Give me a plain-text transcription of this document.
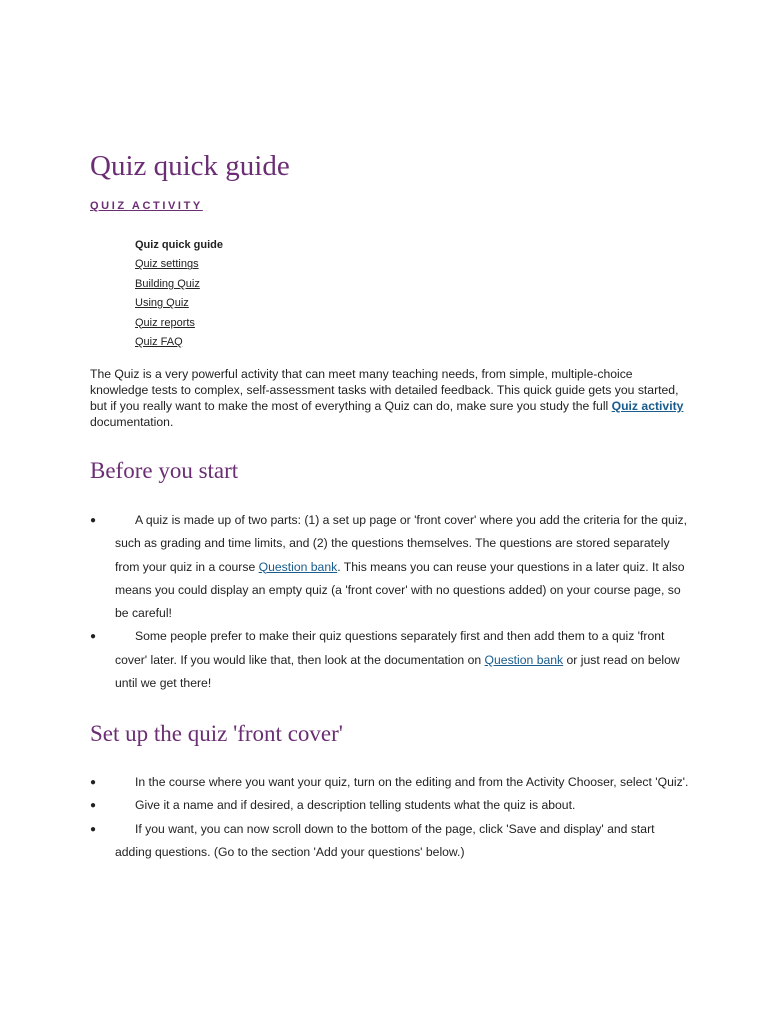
Quiz quick guide
QUIZ ACTIVITY
Quiz quick guide
Quiz settings
Building Quiz
Using Quiz
Quiz reports
Quiz FAQ

The Quiz is a very powerful activity that can meet many teaching needs, from simple, multiple-choice knowledge tests to complex, self-assessment tasks with detailed feedback. This quick guide gets you started, but if you really want to make the most of everything a Quiz can do, make sure you study the full Quiz activity documentation.

Before you start
●	A quiz is made up of two parts: (1) a set up page or 'front cover' where you add the criteria for the quiz, such as grading and time limits, and (2) the questions themselves. The questions are stored separately from your quiz in a course Question bank. This means you can reuse your questions in a later quiz. It also means you could display an empty quiz (a 'front cover' with no questions added) on your course page, so be careful!
●	Some people prefer to make their quiz questions separately first and then add them to a quiz 'front cover' later. If you would like that, then look at the documentation on Question bank or just read on below until we get there!
Set up the quiz 'front cover'
●	In the course where you want your quiz, turn on the editing and from the Activity Chooser, select 'Quiz'.
●	Give it a name and if desired, a description telling students what the quiz is about.
●	If you want, you can now scroll down to the bottom of the page, click 'Save and display' and start adding questions. (Go to the section 'Add your questions' below.)
